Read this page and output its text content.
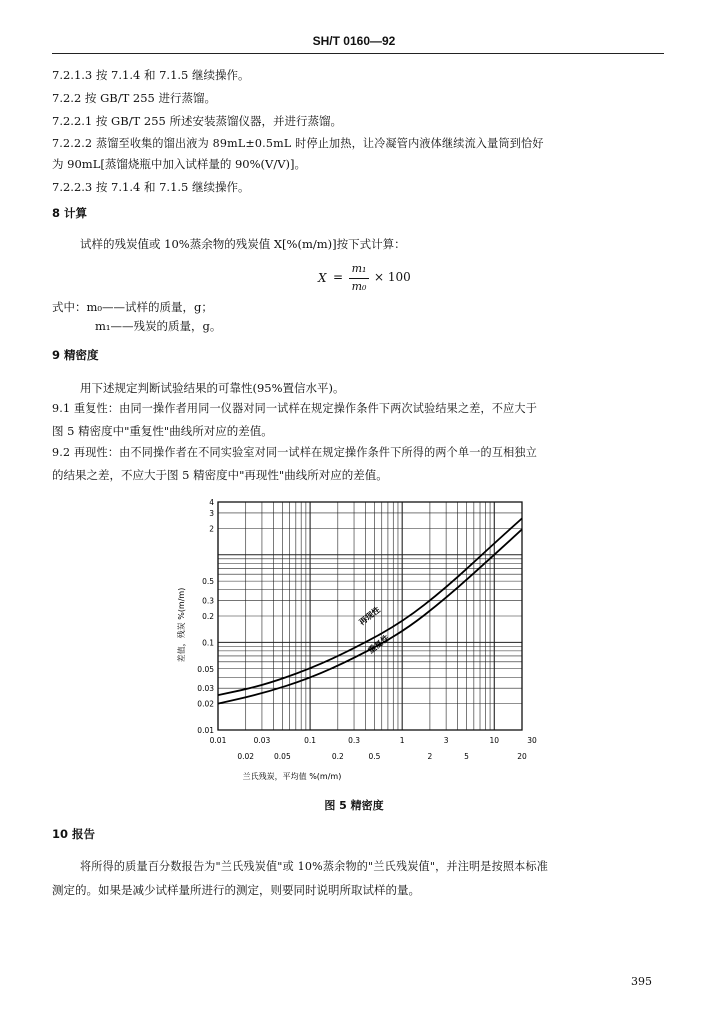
SH/T 0160—92
7.2.1.3 按 7.1.4 和 7.1.5 继续操作。
7.2.2 按 GB/T 255 进行蒸馏。
7.2.2.1 按 GB/T 255 所述安装蒸馏仪器，并进行蒸馏。
7.2.2.2 蒸馏至收集的馏出液为 89mL±0.5mL 时停止加热，让冷凝管内液体继续流入量筒到恰好
为 90mL[蒸馏烧瓶中加入试样量的 90%(V/V)]。
7.2.2.3 按 7.1.4 和 7.1.5 继续操作。
8 计算
试样的残炭值或 10%蒸余物的残炭值 X[%(m/m)]按下式计算：
X =
m₁
m₀
× 100
式中：m₀——试样的质量，g；
m₁——残炭的质量，g。
9 精密度
用下述规定判断试验结果的可靠性(95%置信水平)。
9.1 重复性：由同一操作者用同一仪器对同一试样在规定操作条件下两次试验结果之差，不应大于
图 5 精密度中"重复性"曲线所对应的差值。
9.2 再现性：由不同操作者在不同实验室对同一试样在规定操作条件下所得的两个单一的互相独立
的结果之差，不应大于图 5 精密度中"再现性"曲线所对应的差值。
再现性
重复性
4
3
2
0.5
0.3
0.2
0.1
0.05
0.03
0.02
0.01
0.01	0.03	0.1	0.3	1	3	10	30
0.02	0.05	0.2	0.5	2	5	20
差值，残炭 %(m/m)
兰氏残炭，平均值 %(m/m)
图 5 精密度
10 报告
将所得的质量百分数报告为"兰氏残炭值"或 10%蒸余物的"兰氏残炭值"，并注明是按照本标准
测定的。如果是减少试样量所进行的测定，则要同时说明所取试样的量。
395
